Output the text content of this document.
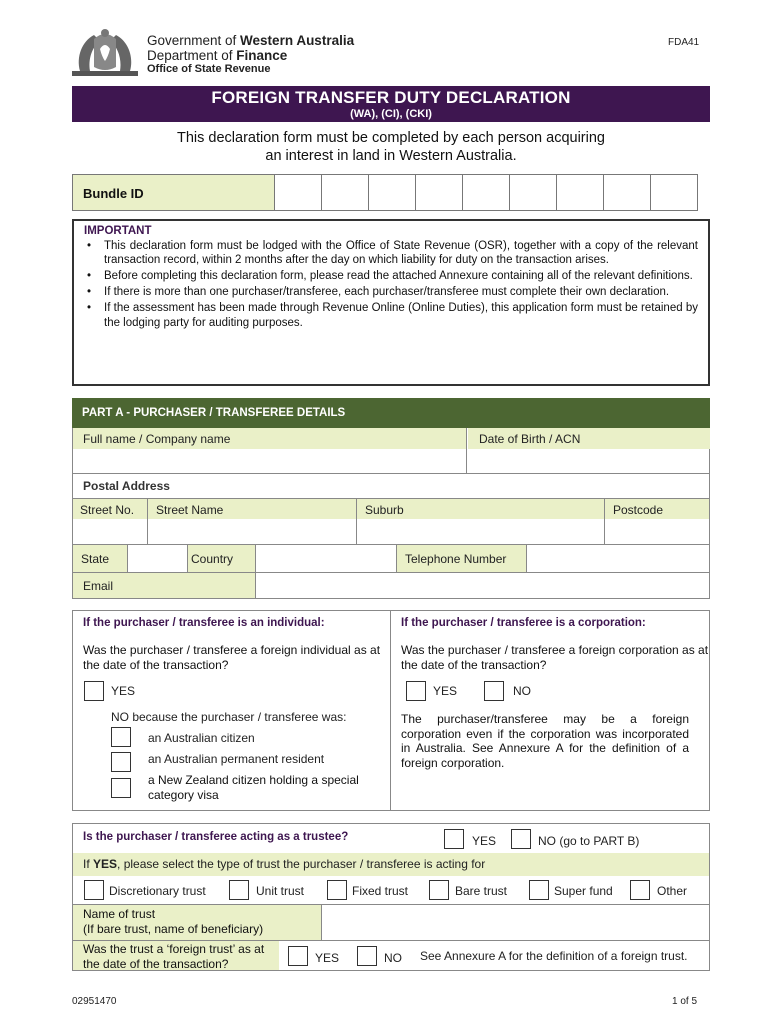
Government of Western Australia
Department of Finance
Office of State Revenue
FDA41
FOREIGN TRANSFER DUTY DECLARATION
(WA), (CI), (CKI)
This declaration form must be completed by each person acquiring
an interest in land in Western Australia.
Bundle ID
IMPORTANT
• This declaration form must be lodged with the Office of State Revenue (OSR), together with a copy of the relevant transaction record, within 2 months after the day on which liability for duty on the transaction arises.
• Before completing this declaration form, please read the attached Annexure containing all of the relevant definitions.
• If there is more than one purchaser/transferee, each purchaser/transferee must complete their own declaration.
• If the assessment has been made through Revenue Online (Online Duties), this application form must be retained by the lodging party for auditing purposes.
PART A - PURCHASER / TRANSFEREE DETAILS
Full name / Company name	Date of Birth / ACN
Postal Address
Street No. Street Name	Suburb	Postcode
State	Country	Telephone Number
Email
If the purchaser / transferee is an individual:
Was the purchaser / transferee a foreign individual as at the date of the transaction?
YES
NO because the purchaser / transferee was:
an Australian citizen
an Australian permanent resident
a New Zealand citizen holding a special category visa
If the purchaser / transferee is a corporation:
Was the purchaser / transferee a foreign corporation as at the date of the transaction?
YES	NO
The purchaser/transferee may be a foreign corporation even if the corporation was incorporated in Australia. See Annexure A for the definition of a foreign corporation.
Is the purchaser / transferee acting as a trustee?	YES	NO (go to PART B)
If YES, please select the type of trust the purchaser / transferee is acting for
Discretionary trust	Unit trust	Fixed trust	Bare trust	Super fund	Other
Name of trust
(If bare trust, name of beneficiary)
Was the trust a ‘foreign trust’ as at the date of the transaction?	YES	NO See Annexure A for the definition of a foreign trust.
02951470	1 of 5
